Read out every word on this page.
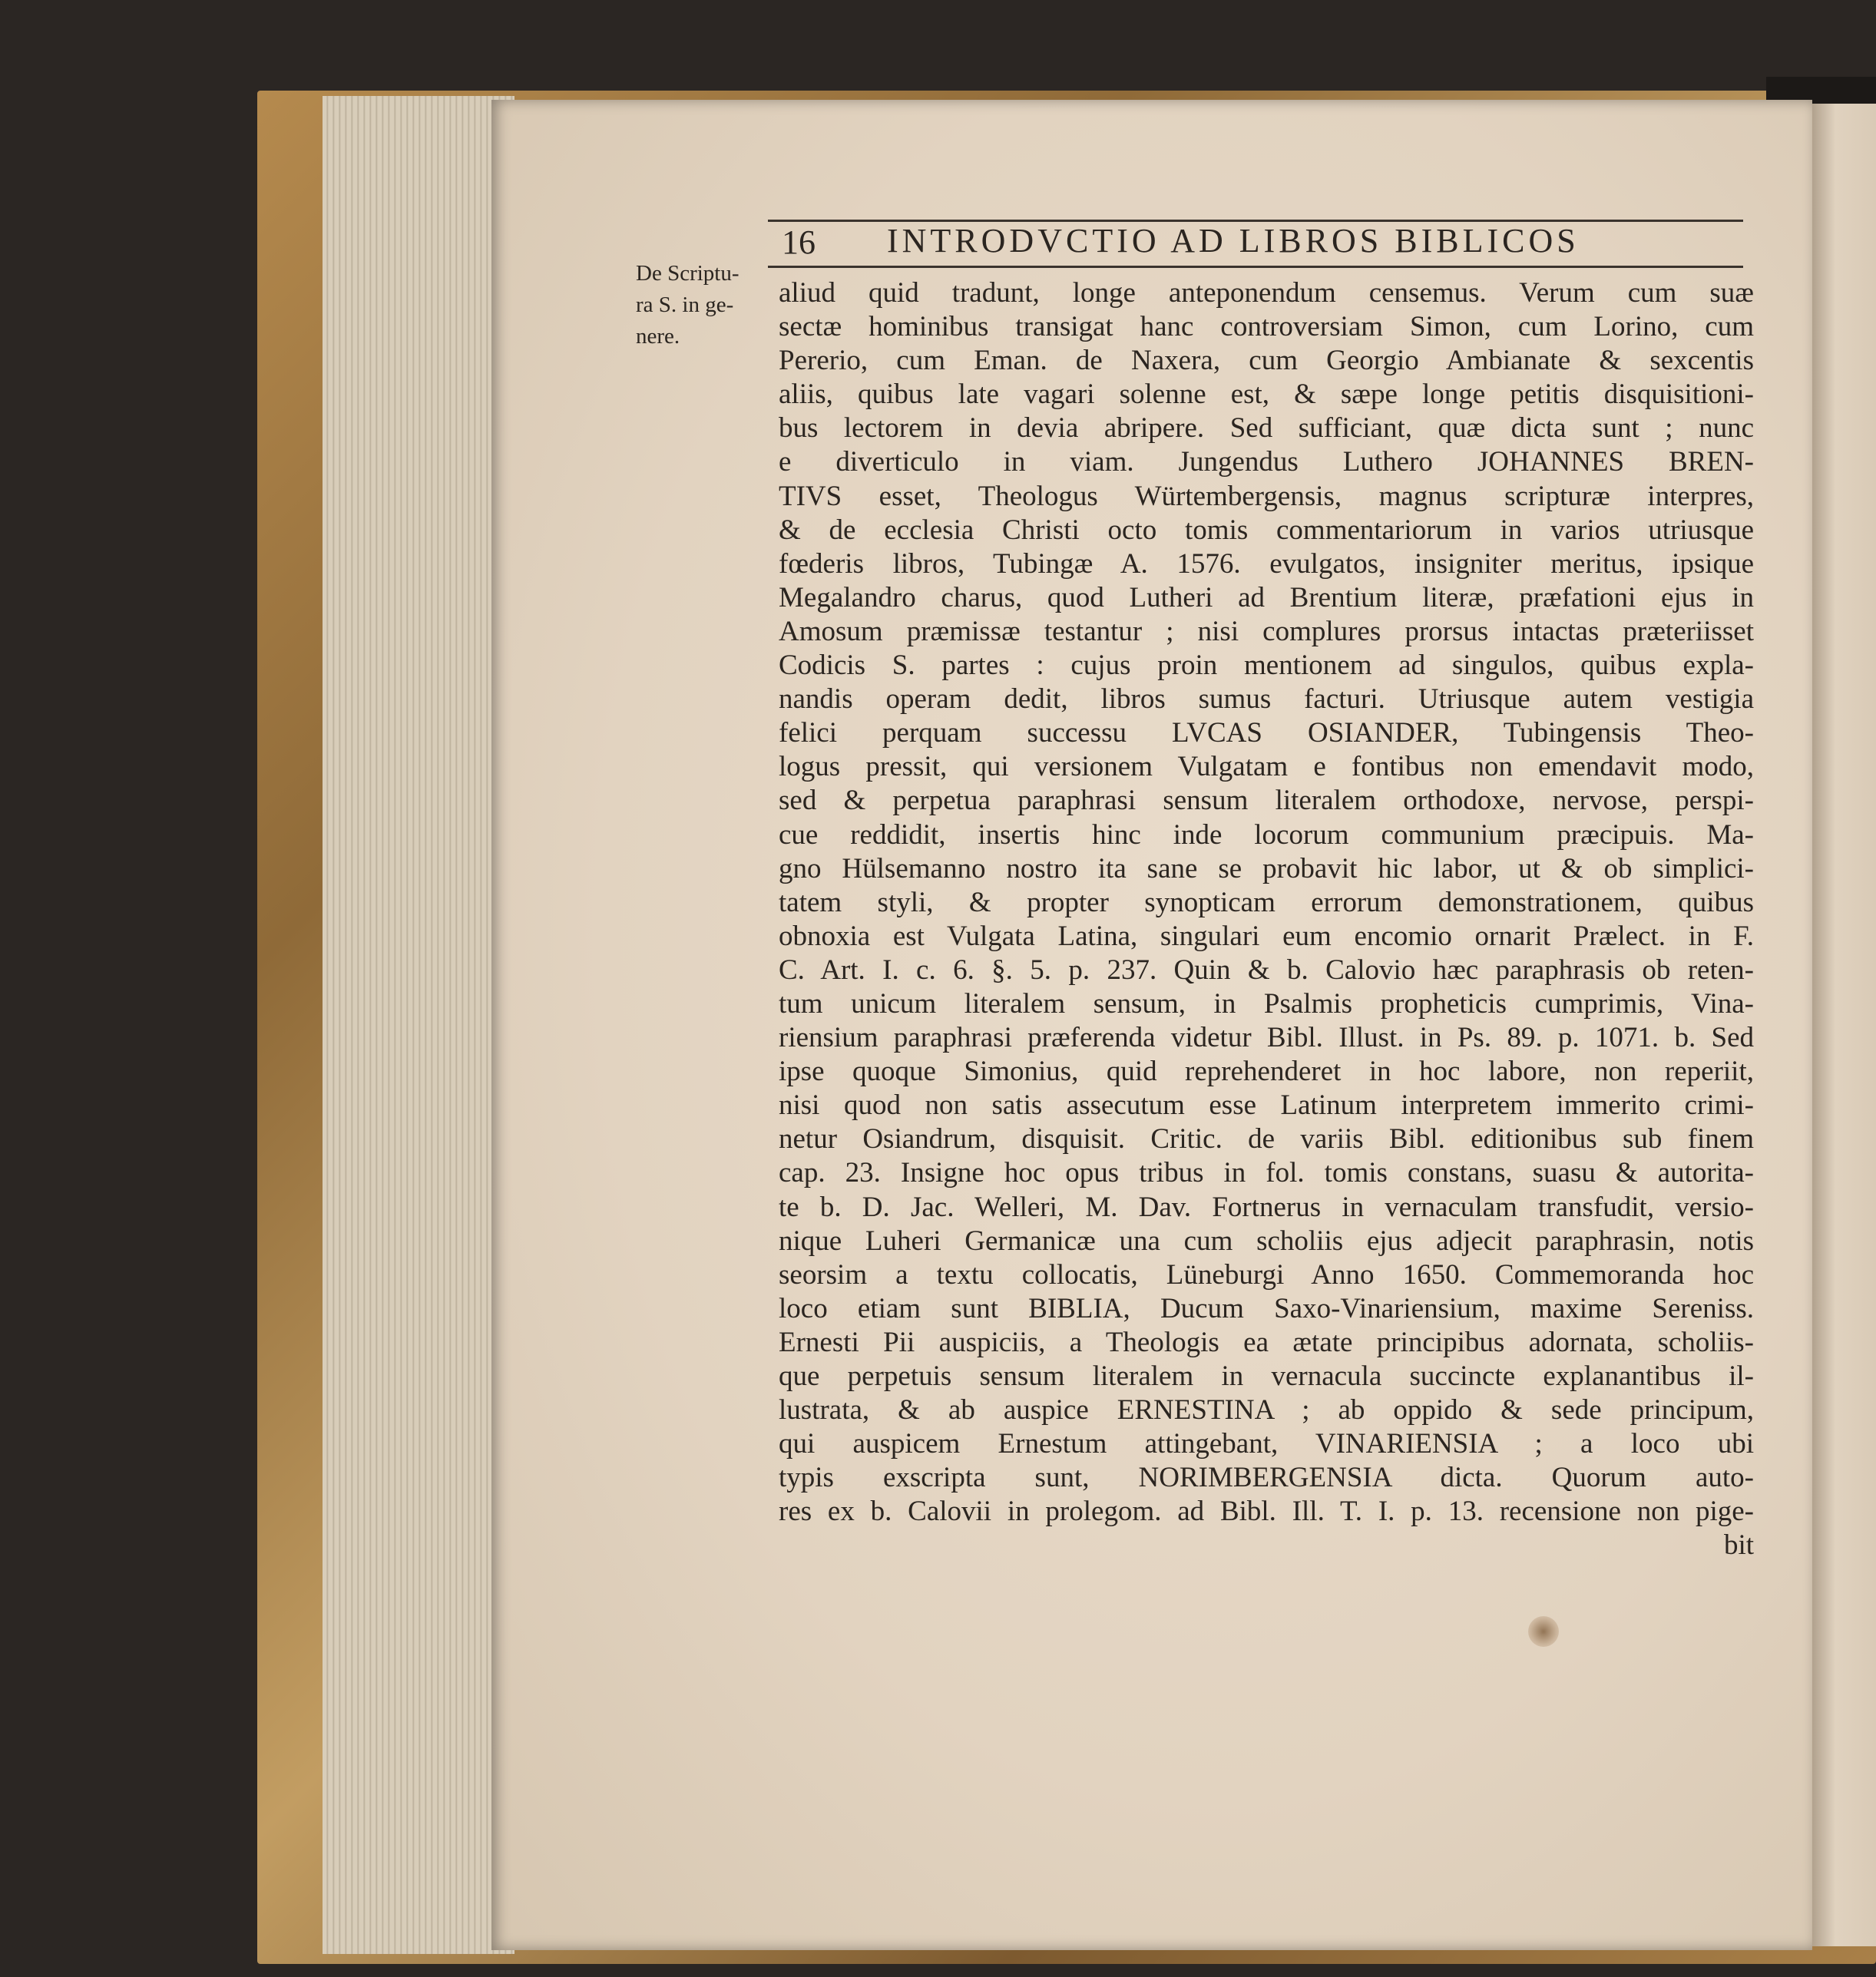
16 INTRODVCTIO AD LIBROS BIBLICOS
De Scriptu-
ra S. in ge-
nere.
aliud quid tradunt, longe anteponendum censemus. Verum cum suæ
sectæ hominibus transigat hanc controversiam Simon, cum Lorino, cum
Pererio, cum Eman. de Naxera, cum Georgio Ambianate & sexcentis
aliis, quibus late vagari solenne est, & sæpe longe petitis disquisitioni-
bus lectorem in devia abripere. Sed sufficiant, quæ dicta sunt ; nunc
e diverticulo in viam. Jungendus Luthero JOHANNES BREN-
TIVS esset, Theologus Würtembergensis, magnus scripturæ interpres,
& de ecclesia Christi octo tomis commentariorum in varios utriusque
fœderis libros, Tubingæ A. 1576. evulgatos, insigniter meritus, ipsique
Megalandro charus, quod Lutheri ad Brentium literæ, præfationi ejus in
Amosum præmissæ testantur ; nisi complures prorsus intactas præteriisset
Codicis S. partes : cujus proin mentionem ad singulos, quibus expla-
nandis operam dedit, libros sumus facturi. Utriusque autem vestigia
felici perquam successu LVCAS OSIANDER, Tubingensis Theo-
logus pressit, qui versionem Vulgatam e fontibus non emendavit modo,
sed & perpetua paraphrasi sensum literalem orthodoxe, nervose, perspi-
cue reddidit, insertis hinc inde locorum communium præcipuis. Ma-
gno Hülsemanno nostro ita sane se probavit hic labor, ut & ob simplici-
tatem styli, & propter synopticam errorum demonstrationem, quibus
obnoxia est Vulgata Latina, singulari eum encomio ornarit Prælect. in F.
C. Art. I. c. 6. §. 5. p. 237. Quin & b. Calovio hæc paraphrasis ob reten-
tum unicum literalem sensum, in Psalmis propheticis cumprimis, Vina-
riensium paraphrasi præferenda videtur Bibl. Illust. in Ps. 89. p. 1071. b. Sed
ipse quoque Simonius, quid reprehenderet in hoc labore, non reperiit,
nisi quod non satis assecutum esse Latinum interpretem immerito crimi-
netur Osiandrum, disquisit. Critic. de variis Bibl. editionibus sub finem
cap. 23. Insigne hoc opus tribus in fol. tomis constans, suasu & autorita-
te b. D. Jac. Welleri, M. Dav. Fortnerus in vernaculam transfudit, versio-
nique Luheri Germanicæ una cum scholiis ejus adjecit paraphrasin, notis
seorsim a textu collocatis, Lüneburgi Anno 1650. Commemoranda hoc
loco etiam sunt BIBLIA, Ducum Saxo-Vinariensium, maxime Sereniss.
Ernesti Pii auspiciis, a Theologis ea ætate principibus adornata, scholiis-
que perpetuis sensum literalem in vernacula succincte explanantibus il-
lustrata, & ab auspice ERNESTINA ; ab oppido & sede principum,
qui auspicem Ernestum attingebant, VINARIENSIA ; a loco ubi
typis exscripta sunt, NORIMBERGENSIA dicta. Quorum auto-
res ex b. Calovii in prolegom. ad Bibl. Ill. T. I. p. 13. recensione non pige-
bit
